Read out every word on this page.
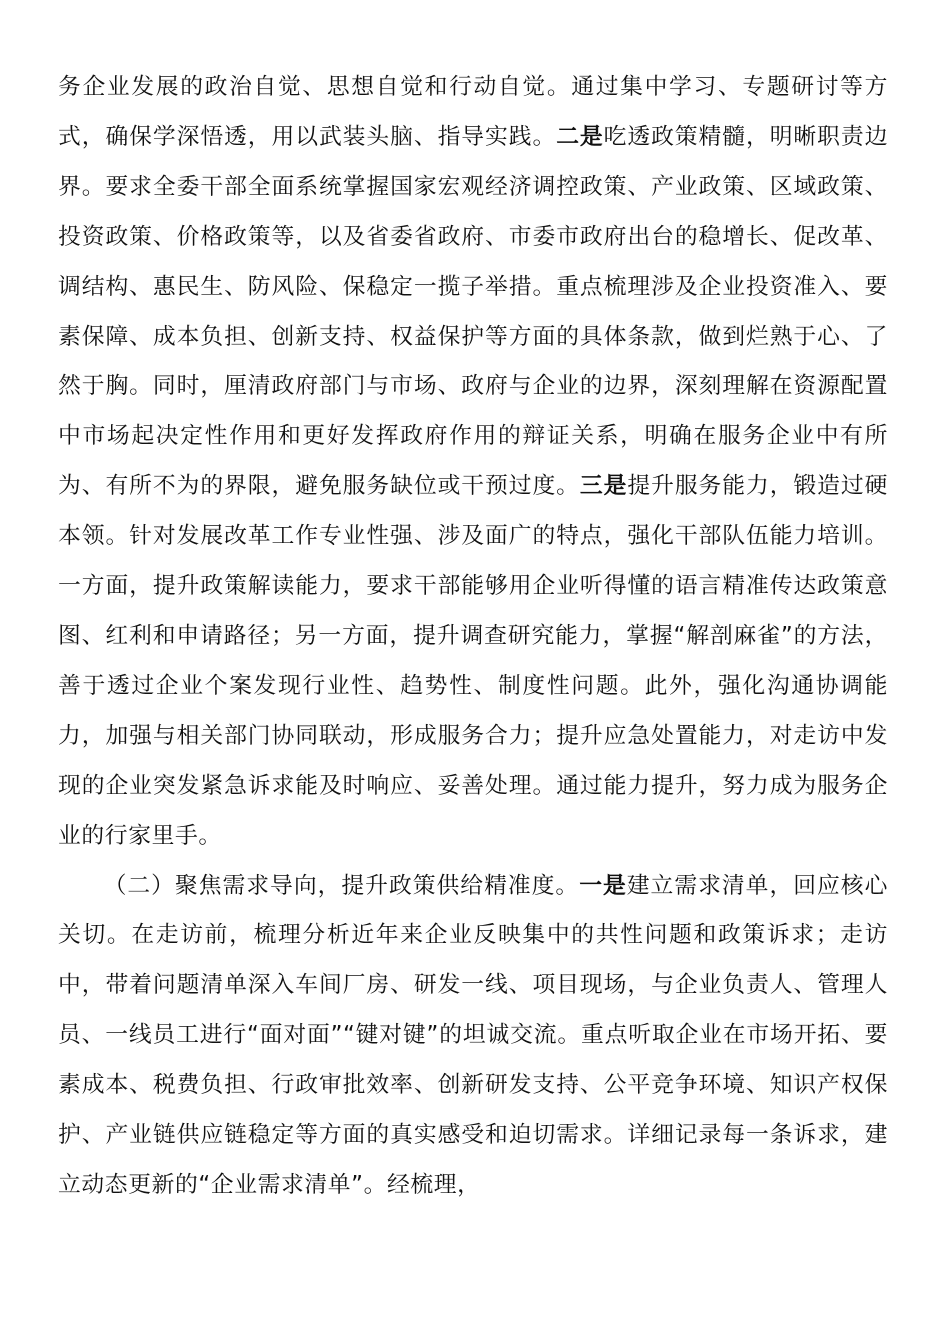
务企业发展的政治自觉、思想自觉和行动自觉。通过集中学习、专题研讨等方式，确保学深悟透，用以武装头脑、指导实践。二是吃透政策精髓，明晰职责边界。要求全委干部全面系统掌握国家宏观经济调控政策、产业政策、区域政策、投资政策、价格政策等，以及省委省政府、市委市政府出台的稳增长、促改革、调结构、惠民生、防风险、保稳定一揽子举措。重点梳理涉及企业投资准入、要素保障、成本负担、创新支持、权益保护等方面的具体条款，做到烂熟于心、了然于胸。同时，厘清政府部门与市场、政府与企业的边界，深刻理解在资源配置中市场起决定性作用和更好发挥政府作用的辩证关系，明确在服务企业中有所为、有所不为的界限，避免服务缺位或干预过度。三是提升服务能力，锻造过硬本领。针对发展改革工作专业性强、涉及面广的特点，强化干部队伍能力培训。一方面，提升政策解读能力，要求干部能够用企业听得懂的语言精准传达政策意图、红利和申请路径；另一方面，提升调查研究能力，掌握“解剖麻雀”的方法，善于透过企业个案发现行业性、趋势性、制度性问题。此外，强化沟通协调能力，加强与相关部门协同联动，形成服务合力；提升应急处置能力，对走访中发现的企业突发紧急诉求能及时响应、妥善处理。通过能力提升，努力成为服务企业的行家里手。

（二）聚焦需求导向，提升政策供给精准度。一是建立需求清单，回应核心关切。在走访前，梳理分析近年来企业反映集中的共性问题和政策诉求；走访中，带着问题清单深入车间厂房、研发一线、项目现场，与企业负责人、管理人员、一线员工进行“面对面”“键对键”的坦诚交流。重点听取企业在市场开拓、要素成本、税费负担、行政审批效率、创新研发支持、公平竞争环境、知识产权保护、产业链供应链稳定等方面的真实感受和迫切需求。详细记录每一条诉求，建立动态更新的“企业需求清单”。经梳理，
